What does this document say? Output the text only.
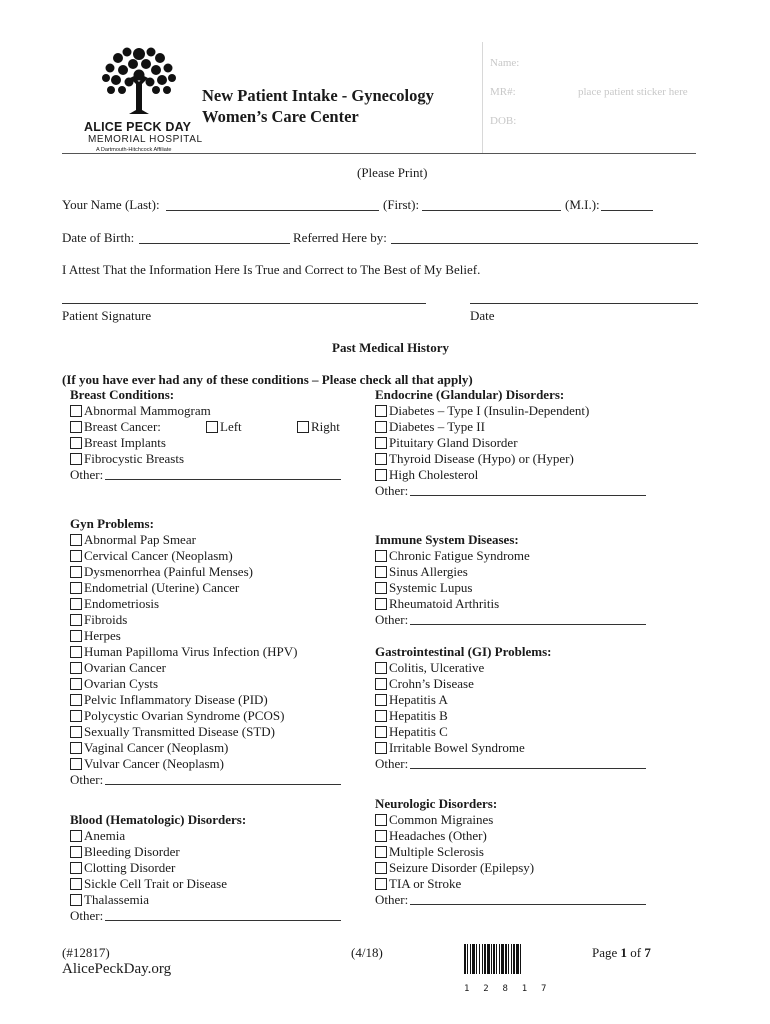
ALICE PECK DAY
MEMORIAL HOSPITAL
A Dartmouth-Hitchcock Affiliate
New Patient Intake - Gynecology
Women’s Care Center
Name:
MR#:	place patient sticker here
DOB:
(Please Print)
Your Name (Last):	(First):	(M.I.):
Date of Birth:	Referred Here by:
I Attest That the Information Here Is True and Correct to The Best of My Belief.
Patient Signature	Date
Past Medical History
(If you have ever had any of these conditions – Please check all that apply)
Breast Conditions:
Abnormal Mammogram
Breast Cancer:
Breast Implants
Fibrocystic Breasts
Other:
Left	Right
Endocrine (Glandular) Disorders:
Diabetes – Type I (Insulin-Dependent)
Diabetes – Type II
Pituitary Gland Disorder
Thyroid Disease (Hypo) or (Hyper)
High Cholesterol
Other:
Gyn Problems:
Abnormal Pap Smear
Cervical Cancer (Neoplasm)
Dysmenorrhea (Painful Menses)
Endometrial (Uterine) Cancer
Endometriosis
Fibroids
Herpes
Human Papilloma Virus Infection (HPV)
Ovarian Cancer
Ovarian Cysts
Pelvic Inflammatory Disease (PID)
Polycystic Ovarian Syndrome (PCOS)
Sexually Transmitted Disease (STD)
Vaginal Cancer (Neoplasm)
Vulvar Cancer (Neoplasm)
Other:
Immune System Diseases:
Chronic Fatigue Syndrome
Sinus Allergies
Systemic Lupus
Rheumatoid Arthritis
Other:
Gastrointestinal (GI) Problems:
Colitis, Ulcerative
Crohn’s Disease
Hepatitis A
Hepatitis B
Hepatitis C
Irritable Bowel Syndrome
Other:
Neurologic Disorders:
Common Migraines
Headaches (Other)
Multiple Sclerosis
Seizure Disorder (Epilepsy)
TIA or Stroke
Other:
Blood (Hematologic) Disorders:
Anemia
Bleeding Disorder
Clotting Disorder
Sickle Cell Trait or Disease
Thalassemia
Other:
(#12817)
AlicePeckDay.org
(4/18)
1  2  8  1  7
Page 1 of 7
